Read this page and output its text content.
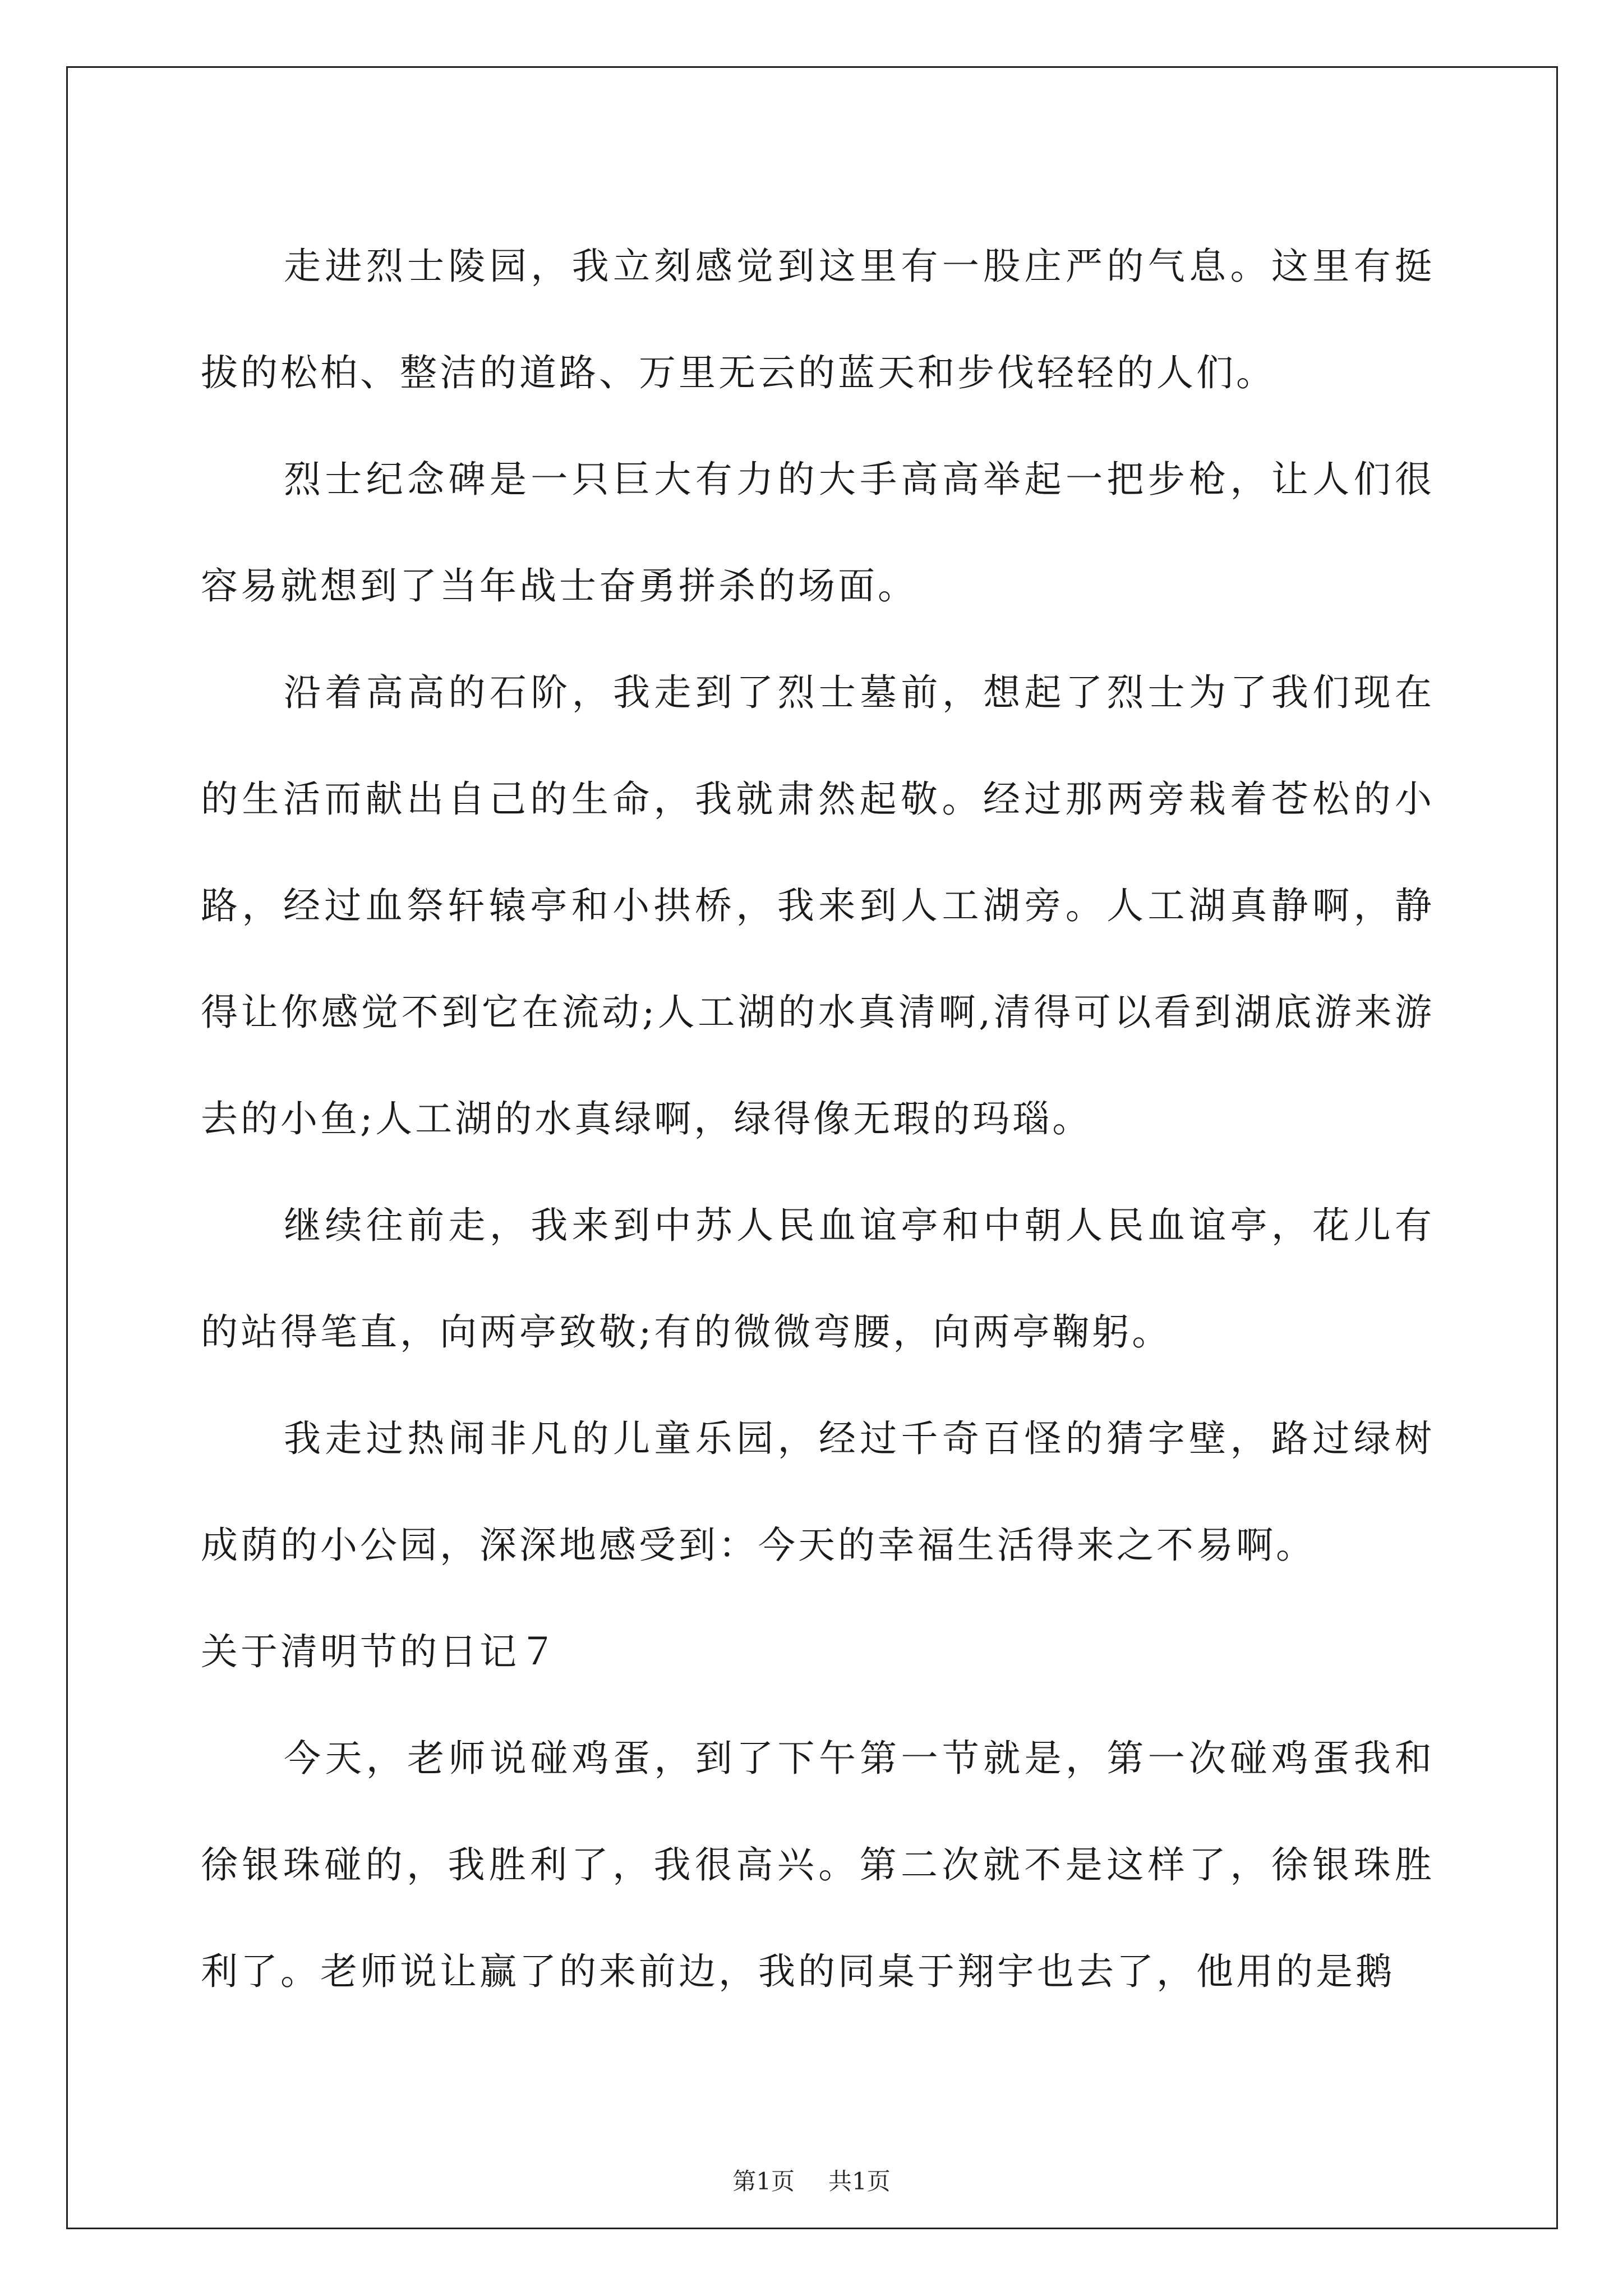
走进烈士陵园，我立刻感觉到这里有一股庄严的气息。这里有挺拔的松柏、整洁的道路、万里无云的蓝天和步伐轻轻的人们。

烈士纪念碑是一只巨大有力的大手高高举起一把步枪，让人们很容易就想到了当年战士奋勇拼杀的场面。

沿着高高的石阶，我走到了烈士墓前，想起了烈士为了我们现在的生活而献出自己的生命，我就肃然起敬。经过那两旁栽着苍松的小路，经过血祭轩辕亭和小拱桥，我来到人工湖旁。人工湖真静啊，静得让你感觉不到它在流动;人工湖的水真清啊,清得可以看到湖底游来游去的小鱼;人工湖的水真绿啊，绿得像无瑕的玛瑙。

继续往前走，我来到中苏人民血谊亭和中朝人民血谊亭，花儿有的站得笔直，向两亭致敬;有的微微弯腰，向两亭鞠躬。

我走过热闹非凡的儿童乐园，经过千奇百怪的猜字壁，路过绿树成荫的小公园，深深地感受到：今天的幸福生活得来之不易啊。

关于清明节的日记７

今天，老师说碰鸡蛋，到了下午第一节就是，第一次碰鸡蛋我和徐银珠碰的，我胜利了，我很高兴。第二次就不是这样了，徐银珠胜利了。老师说让赢了的来前边，我的同桌于翔宇也去了，他用的是鹅

第1页 共1页
